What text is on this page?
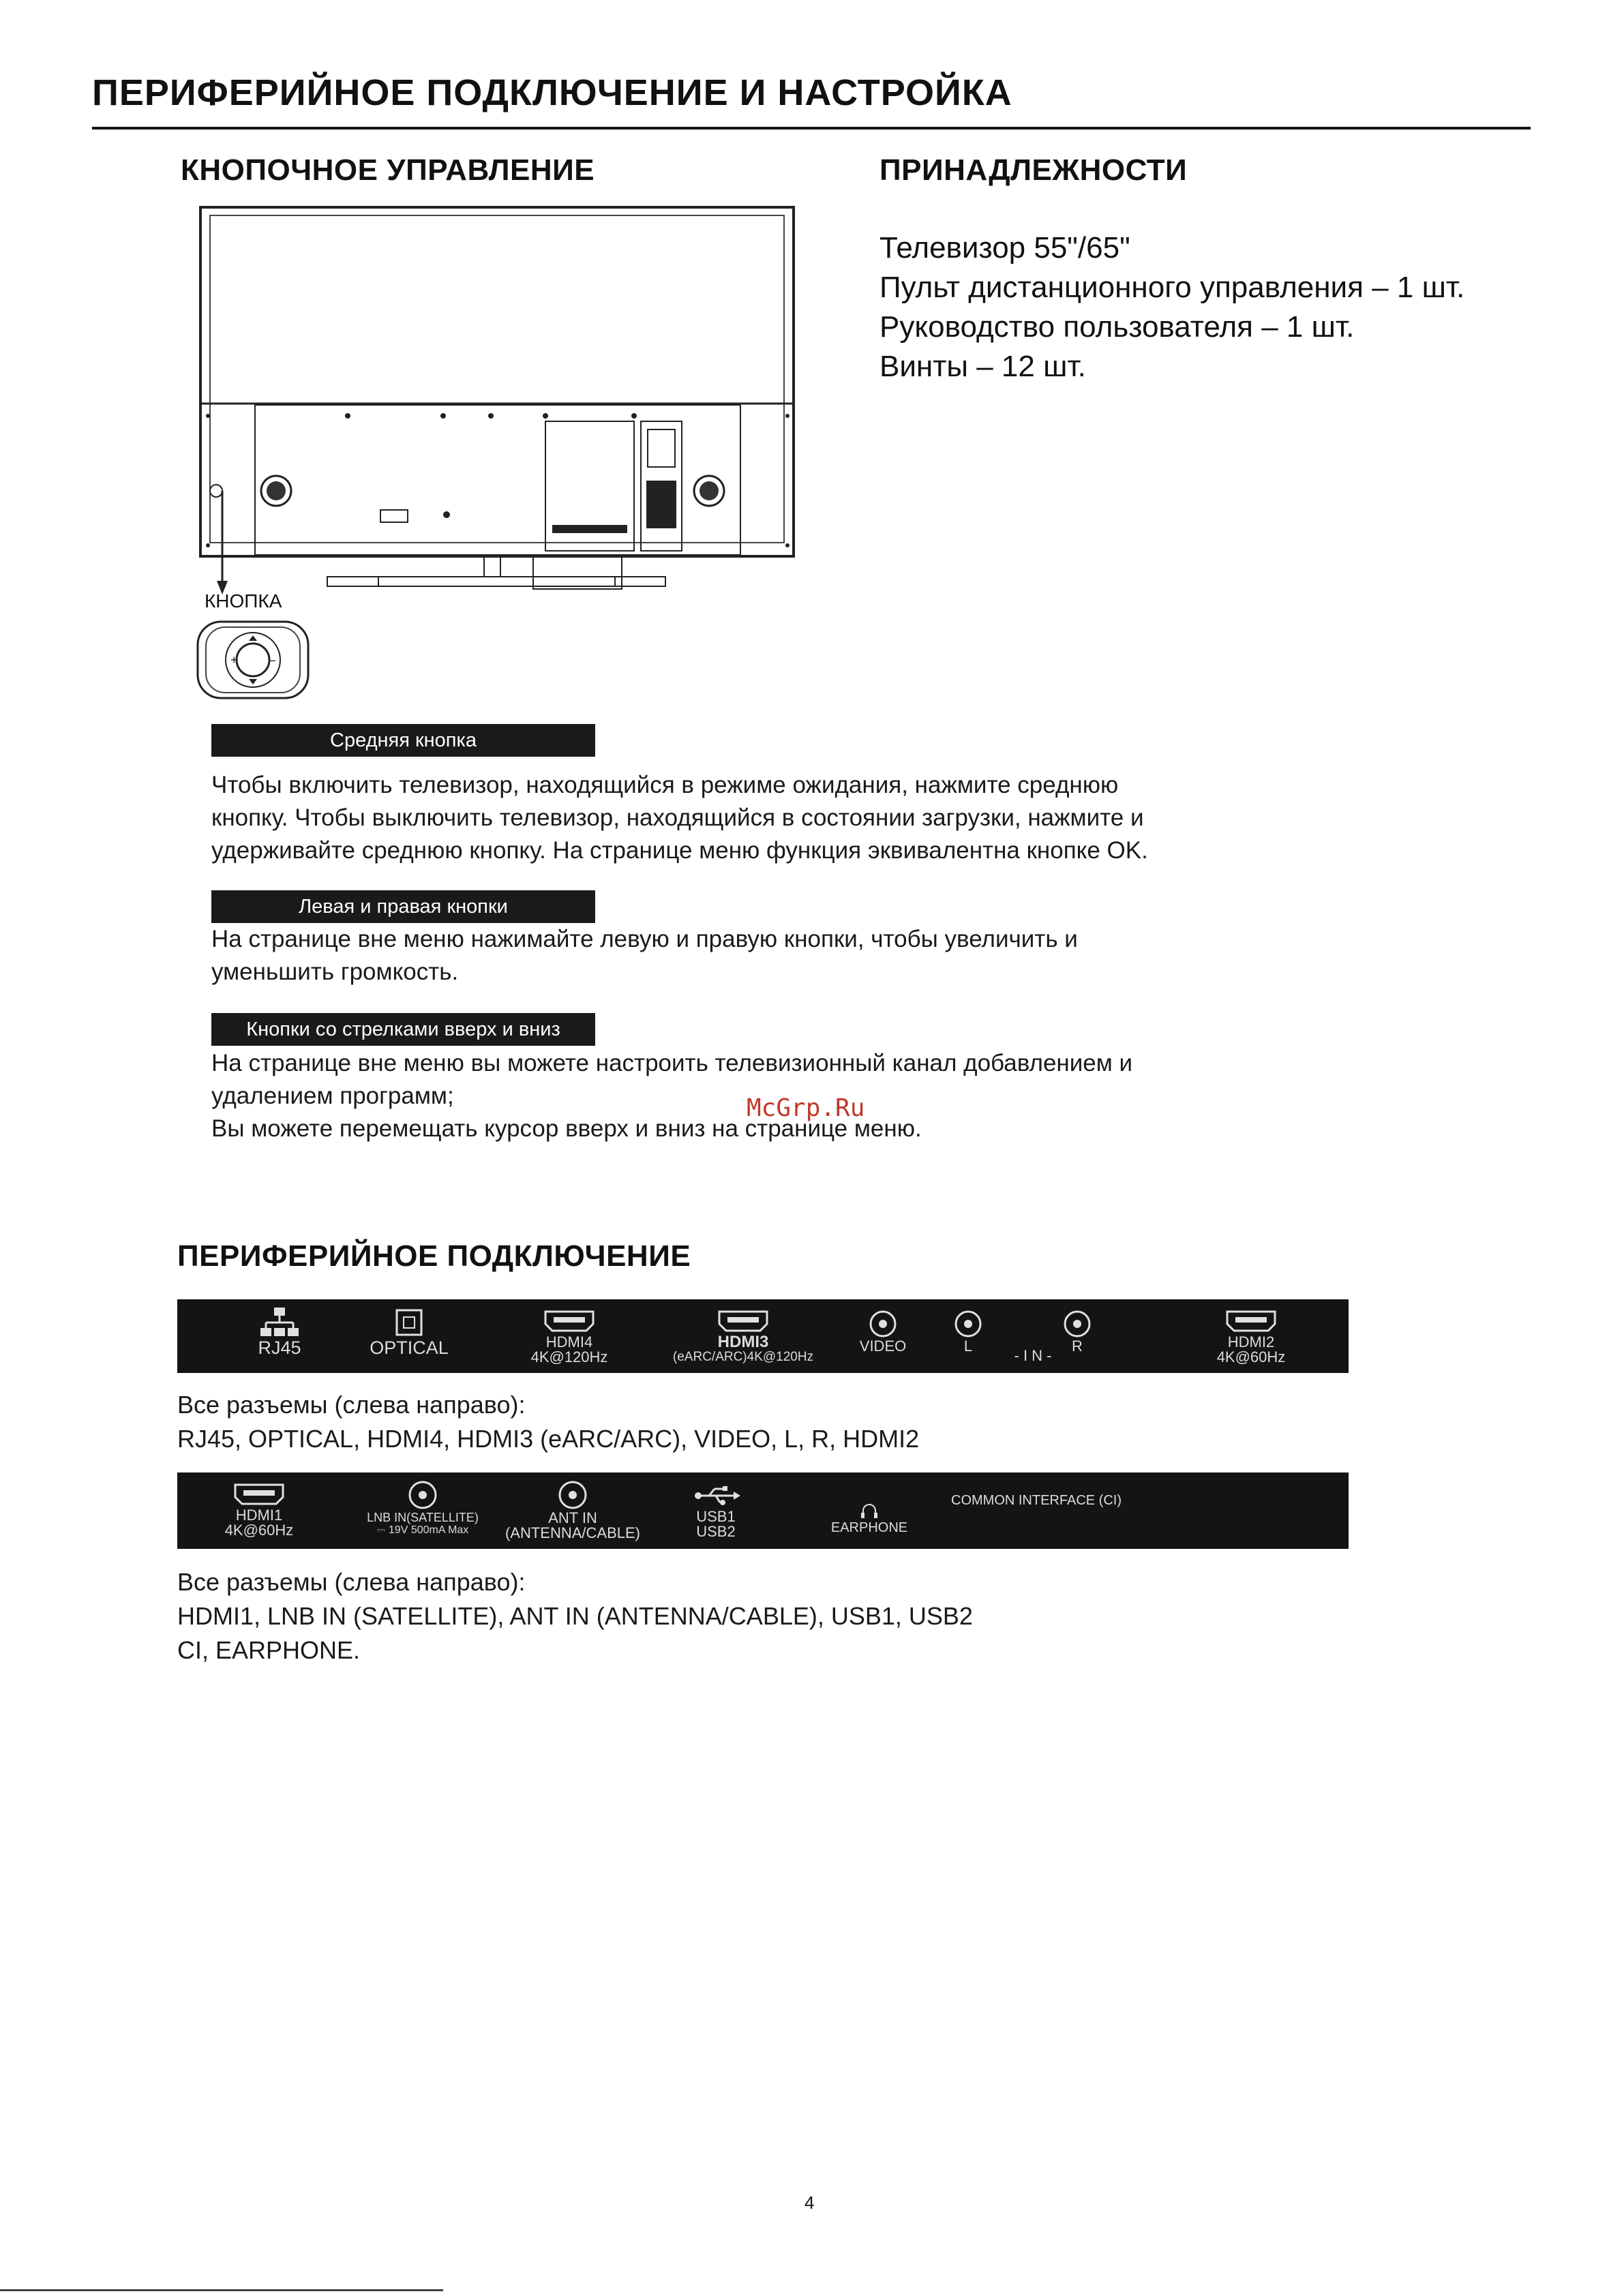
ПЕРИФЕРИЙНОЕ ПОДКЛЮЧЕНИЕ И НАСТРОЙКА
КНОПОЧНОЕ УПРАВЛЕНИЕ
КНОПКА
+	–
ПРИНАДЛЕЖНОСТИ
Телевизор 55"/65"
Пульт дистанционного управления – 1 шт.
Руководство пользователя – 1 шт.
Винты – 12 шт.
Средняя кнопка
Чтобы включить телевизор, находящийся в режиме ожидания, нажмите среднюю
кнопку. Чтобы выключить телевизор, находящийся в состоянии загрузки, нажмите и
удерживайте среднюю кнопку. На странице меню функция эквивалентна кнопке OK.
Левая и правая кнопки
На странице вне меню нажимайте левую и правую кнопки, чтобы увеличить и
уменьшить громкость.
Кнопки со стрелками вверх и вниз
На странице вне меню вы можете настроить телевизионный канал добавлением и
удалением программ;
Вы можете перемещать курсор вверх и вниз на странице меню.
McGrp.Ru
ПЕРИФЕРИЙНОЕ ПОДКЛЮЧЕНИЕ
RJ45	OPTICAL	HDMI4
4K@120Hz
HDMI3
(eARC/ARC)4K@120Hz
VIDEO	L
- I N -
R	HDMI2
4K@60Hz
Все разъемы (слева направо):
RJ45, OPTICAL, HDMI4, HDMI3 (eARC/ARC), VIDEO, L, R, HDMI2
HDMI1
4K@60Hz
LNB IN(SATELLITE)
⎓ 19V 500mA Max
ANT IN
(ANTENNA/CABLE)
USB1
USB2	EARPHONE
COMMON INTERFACE (CI)
Все разъемы (слева направо):
HDMI1, LNB IN (SATELLITE), ANT IN (ANTENNA/CABLE), USB1, USB2
CI, EARPHONE.
4
